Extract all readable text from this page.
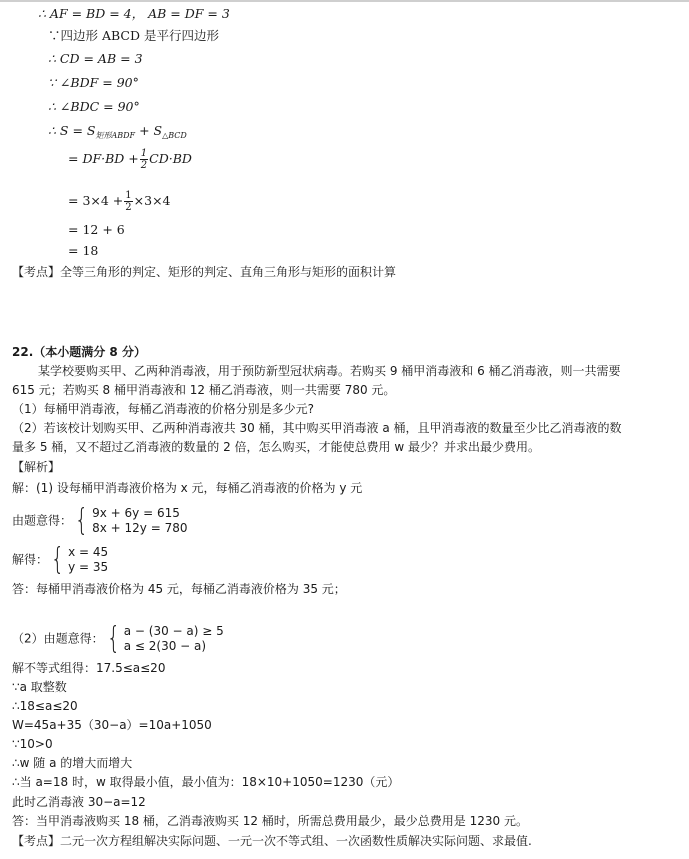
∴ AF = BD = 4， AB = DF = 3
∵四边形 ABCD 是平行四边形
∴ CD = AB = 3
∵ ∠BDF = 90°
∴ ∠BDC = 90°
∴ $S = S_{矩形ABDF} + S_{\triangle BCD}$
= $DF\cdot BD + \frac{1}{2} CD\cdot BD$
= $3\times 4 + \frac{1}{2} \times 3\times 4$
= 12 + 6
= 18
【考点】全等三角形的判定、矩形的判定、直角三角形与矩形的面积计算
22.（本小题满分 8 分）
某学校要购买甲、乙两种消毒液，用于预防新型冠状病毒。若购买 9 桶甲消毒液和 6 桶乙消毒液，则一共需要
615 元；若购买 8 桶甲消毒液和 12 桶乙消毒液，则一共需要 780 元。
（1）每桶甲消毒液，每桶乙消毒液的价格分别是多少元?
（2）若该校计划购买甲、乙两种消毒液共 30 桶，其中购买甲消毒液 a 桶，且甲消毒液的数量至少比乙消毒液的数
量多 5 桶，又不超过乙消毒液的数量的 2 倍，怎么购买，才能使总费用 w 最少？并求出最少费用。
【解析】
解：(1) 设每桶甲消毒液价格为 x 元，每桶乙消毒液的价格为 y 元
由题意得： { 9x + 6y = 615
8x + 12y = 780
解得： { x = 45
y = 35
答：每桶甲消毒液价格为 45 元，每桶乙消毒液价格为 35 元；
（2）由题意得： { a − (30 − a) ≥ 5
a ≤ 2(30 − a)
解不等式组得：17.5≤a≤20
∵a 取整数
∴18≤a≤20
W=45a+35（30−a）=10a+1050
∵10>0
∴w 随 a 的增大而增大
∴当 a=18 时，w 取得最小值，最小值为：18×10+1050=1230（元）
此时乙消毒液 30−a=12
答：当甲消毒液购买 18 桶，乙消毒液购买 12 桶时，所需总费用最少，最少总费用是 1230 元。
【考点】二元一次方程组解决实际问题、一元一次不等式组、一次函数性质解决实际问题、求最值.
